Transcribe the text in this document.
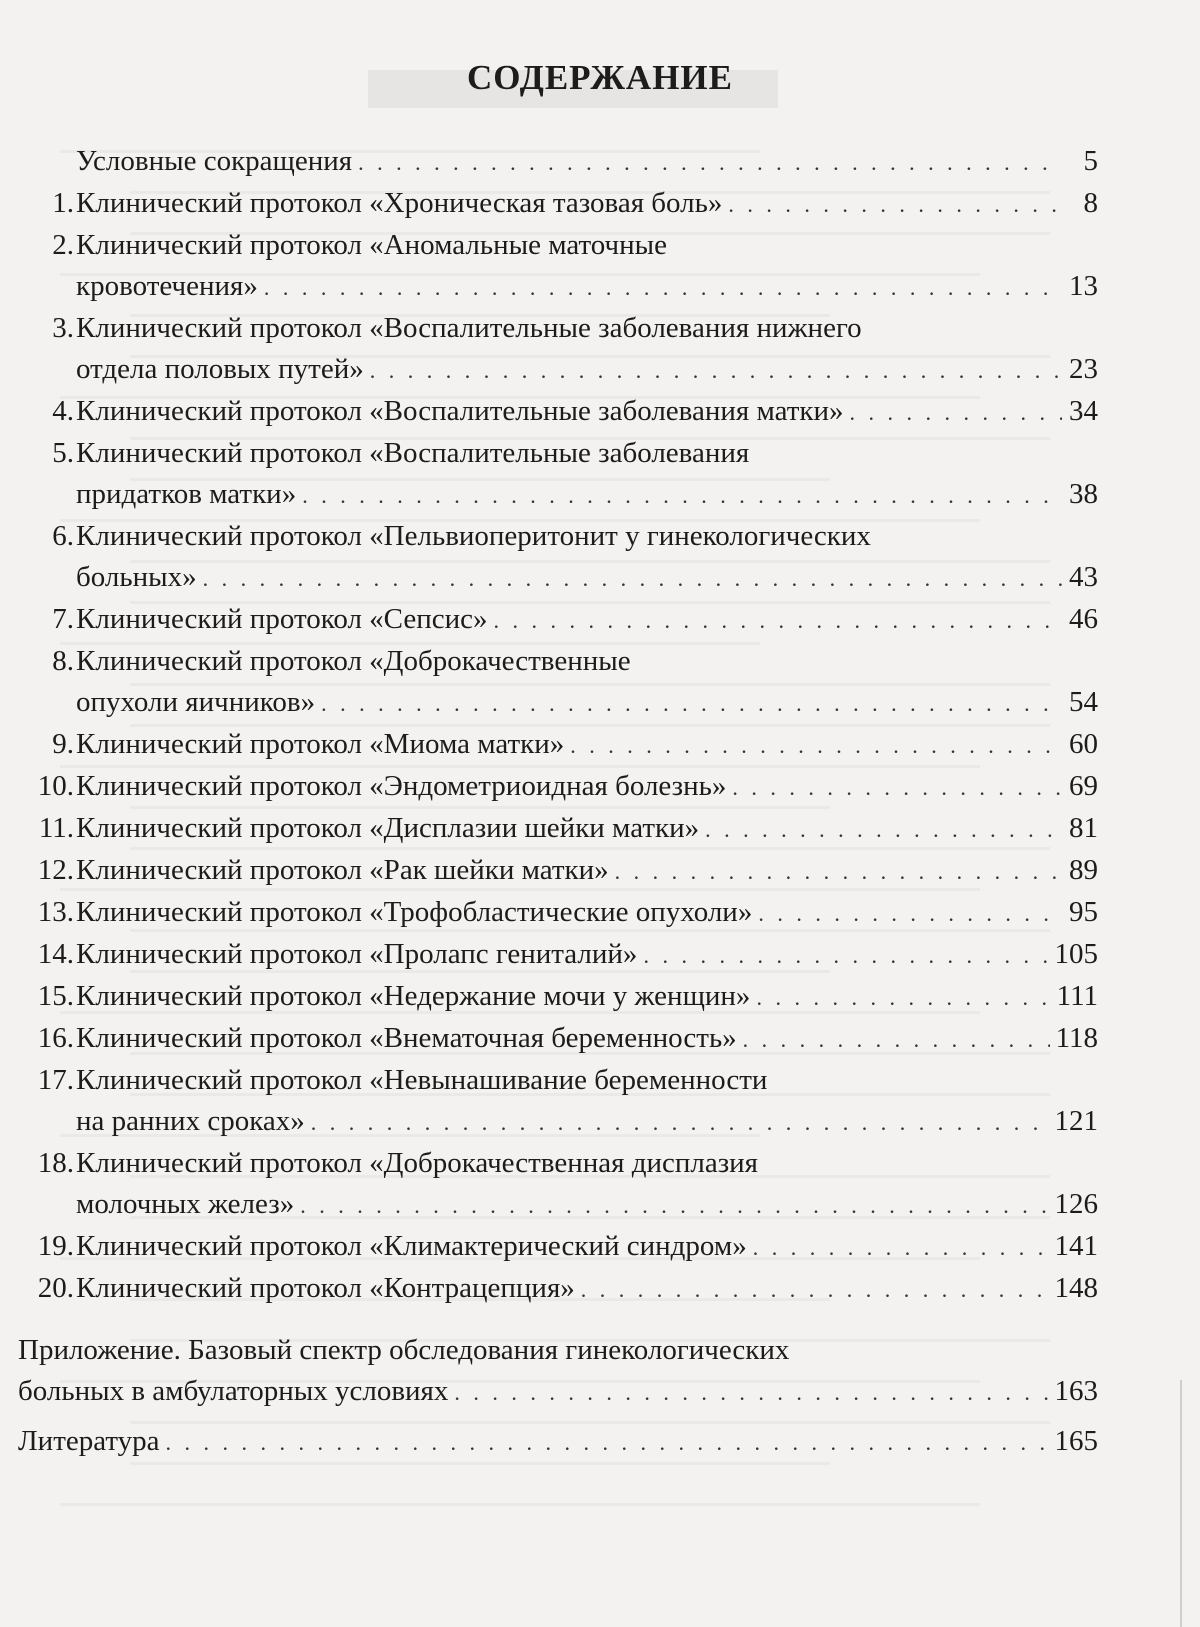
СОДЕРЖАНИЕ
Условные сокращения . . .	5
1. Клинический протокол «Хроническая тазовая боль» . . .	8
2. Клинический протокол «Аномальные маточные
кровотечения» . . .	13
3. Клинический протокол «Воспалительные заболевания нижнего
отдела половых путей» . . .	23
4. Клинический протокол «Воспалительные заболевания матки» . . .	34
5. Клинический протокол «Воспалительные заболевания
придатков матки» . . .	38
6. Клинический протокол «Пельвиоперитонит у гинекологических
больных» . . .	43
7. Клинический протокол «Сепсис» . . .	46
8. Клинический протокол «Доброкачественные
опухоли яичников» . . .	54
9. Клинический протокол «Миома матки» . . .	60
10. Клинический протокол «Эндометриоидная болезнь» . . .	69
11. Клинический протокол «Дисплазии шейки матки» . . .	81
12. Клинический протокол «Рак шейки матки» . . .	89
13. Клинический протокол «Трофобластические опухоли» . . .	95
14. Клинический протокол «Пролапс гениталий» . . .	105
15. Клинический протокол «Недержание мочи у женщин» . . .	111
16. Клинический протокол «Внематочная беременность» . . .	118
17. Клинический протокол «Невынашивание беременности
на ранних сроках» . . .	121
18. Клинический протокол «Доброкачественная дисплазия
молочных желез» . . .	126
19. Клинический протокол «Климактерический синдром» . . .	141
20. Клинический протокол «Контрацепция» . . .	148
Приложение. Базовый спектр обследования гинекологических
больных в амбулаторных условиях . . .	163
Литература . . .	165
